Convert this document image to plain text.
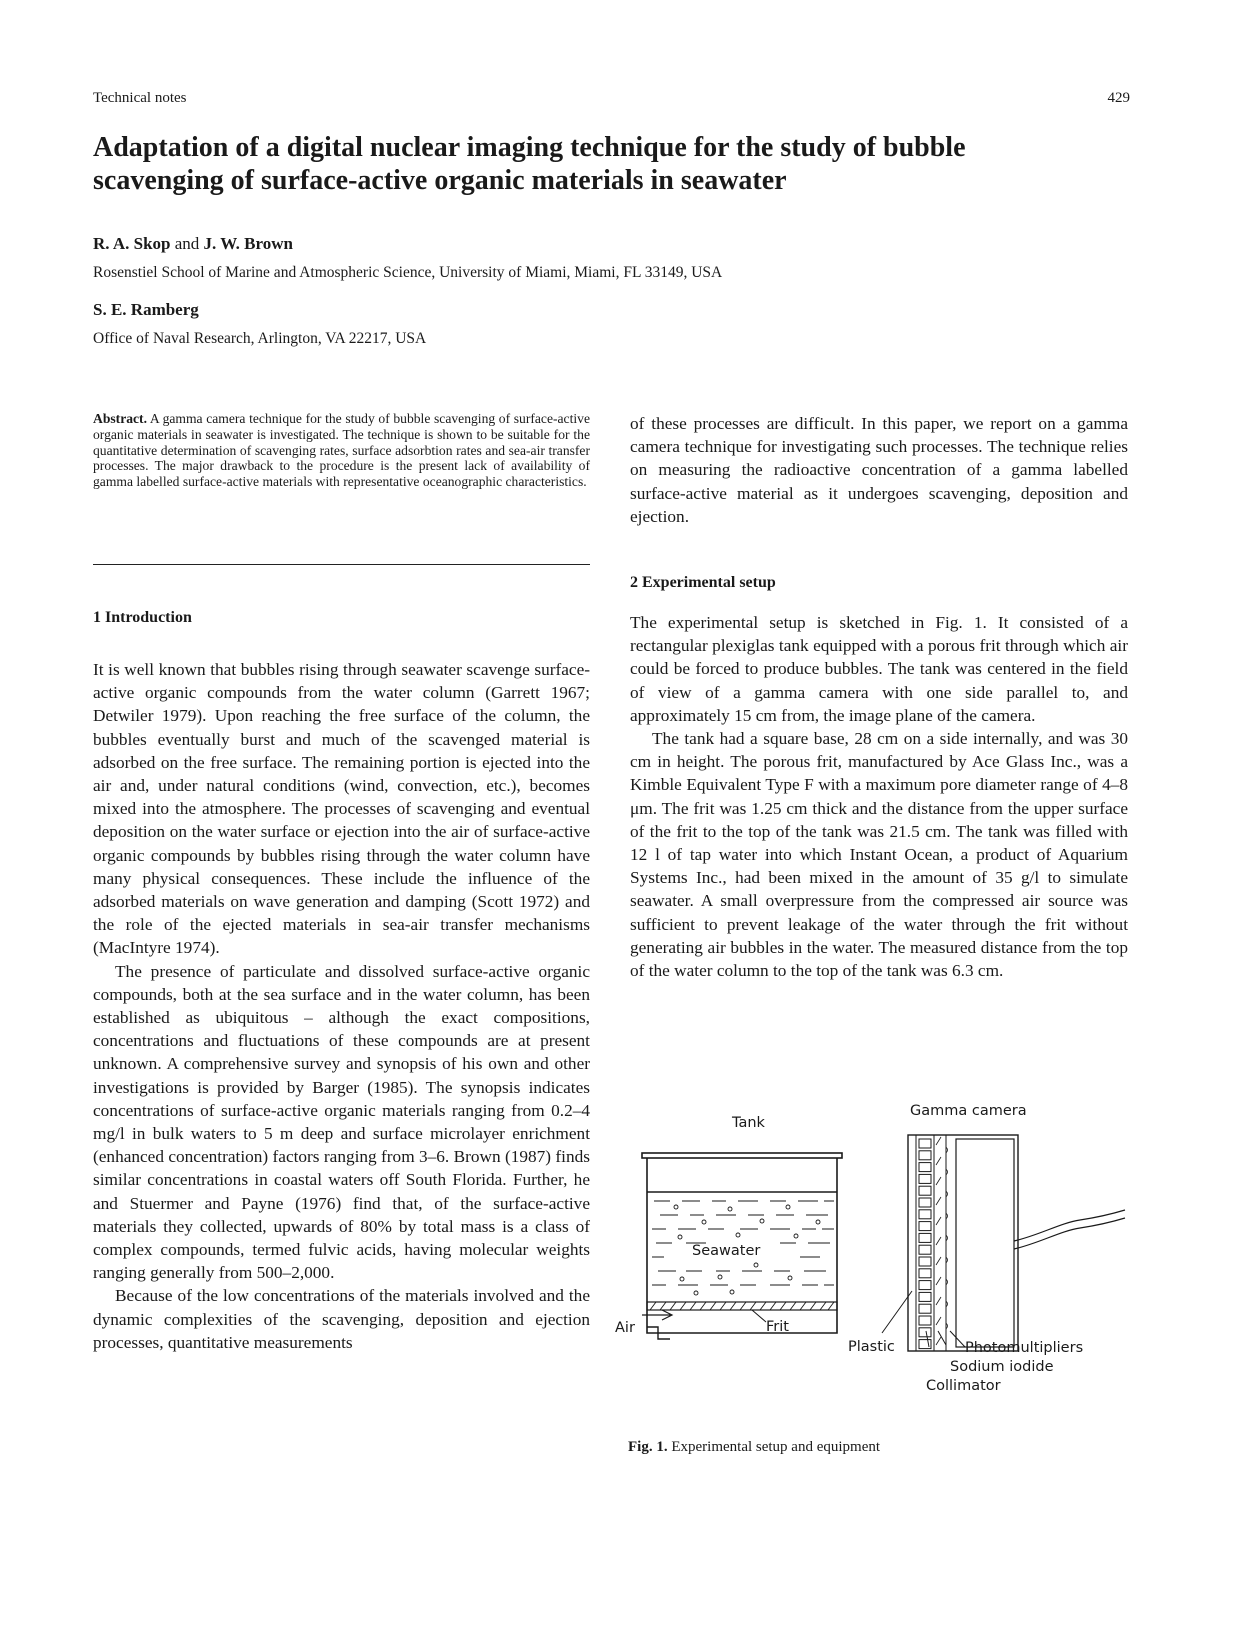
Technical notes	429
Adaptation of a digital nuclear imaging technique for the study of bubble scavenging of surface-active organic materials in seawater
R. A. Skop and J. W. Brown
Rosenstiel School of Marine and Atmospheric Science, University of Miami, Miami, FL 33149, USA
S. E. Ramberg
Office of Naval Research, Arlington, VA 22217, USA
Abstract. A gamma camera technique for the study of bubble scavenging of surface-active organic materials in seawater is investigated. The technique is shown to be suitable for the quantitative determination of scavenging rates, surface adsorbtion rates and sea-air transfer processes. The major drawback to the procedure is the present lack of availability of gamma labelled surface-active materials with representative oceanographic characteristics.
1 Introduction

It is well known that bubbles rising through seawater scavenge surface-active organic compounds from the water column (Garrett 1967; Detwiler 1979). Upon reaching the free surface of the column, the bubbles eventually burst and much of the scavenged material is adsorbed on the free surface. The remaining portion is ejected into the air and, under natural conditions (wind, convection, etc.), becomes mixed into the atmosphere. The processes of scavenging and eventual deposition on the water surface or ejection into the air of surface-active organic compounds by bubbles rising through the water column have many physical consequences. These include the influence of the adsorbed materials on wave generation and damping (Scott 1972) and the role of the ejected materials in sea-air transfer mechanisms (MacIntyre 1974).

The presence of particulate and dissolved surface-active organic compounds, both at the sea surface and in the water column, has been established as ubiquitous – although the exact compositions, concentrations and fluctuations of these compounds are at present unknown. A comprehensive survey and synopsis of his own and other investigations is provided by Barger (1985). The synopsis indicates concentrations of surface-active organic materials ranging from 0.2–4 mg/l in bulk waters to 5 m deep and surface microlayer enrichment (enhanced concentration) factors ranging from 3–6. Brown (1987) finds similar concentrations in coastal waters off South Florida. Further, he and Stuermer and Payne (1976) find that, of the surface-active materials they collected, upwards of 80% by total mass is a class of complex compounds, termed fulvic acids, having molecular weights ranging generally from 500–2,000.

Because of the low concentrations of the materials involved and the dynamic complexities of the scavenging, deposition and ejection processes, quantitative measurements

of these processes are difficult. In this paper, we report on a gamma camera technique for investigating such processes. The technique relies on measuring the radioactive concentration of a gamma labelled surface-active material as it undergoes scavenging, deposition and ejection.

2 Experimental setup

The experimental setup is sketched in Fig. 1. It consisted of a rectangular plexiglas tank equipped with a porous frit through which air could be forced to produce bubbles. The tank was centered in the field of view of a gamma camera with one side parallel to, and approximately 15 cm from, the image plane of the camera.

The tank had a square base, 28 cm on a side internally, and was 30 cm in height. The porous frit, manufactured by Ace Glass Inc., was a Kimble Equivalent Type F with a maximum pore diameter range of 4–8 μm. The frit was 1.25 cm thick and the distance from the upper surface of the frit to the top of the tank was 21.5 cm. The tank was filled with 12 l of tap water into which Instant Ocean, a product of Aquarium Systems Inc., had been mixed in the amount of 35 g/l to simulate seawater. A small overpressure from the compressed air source was sufficient to prevent leakage of the water through the frit without generating air bubbles in the water. The measured distance from the top of the water column to the top of the tank was 6.3 cm.

Tank
Seawater
Frit
Air
Gamma camera
Plastic	Photomultipliers
Sodium iodide
Collimator
Fig. 1. Experimental setup and equipment
